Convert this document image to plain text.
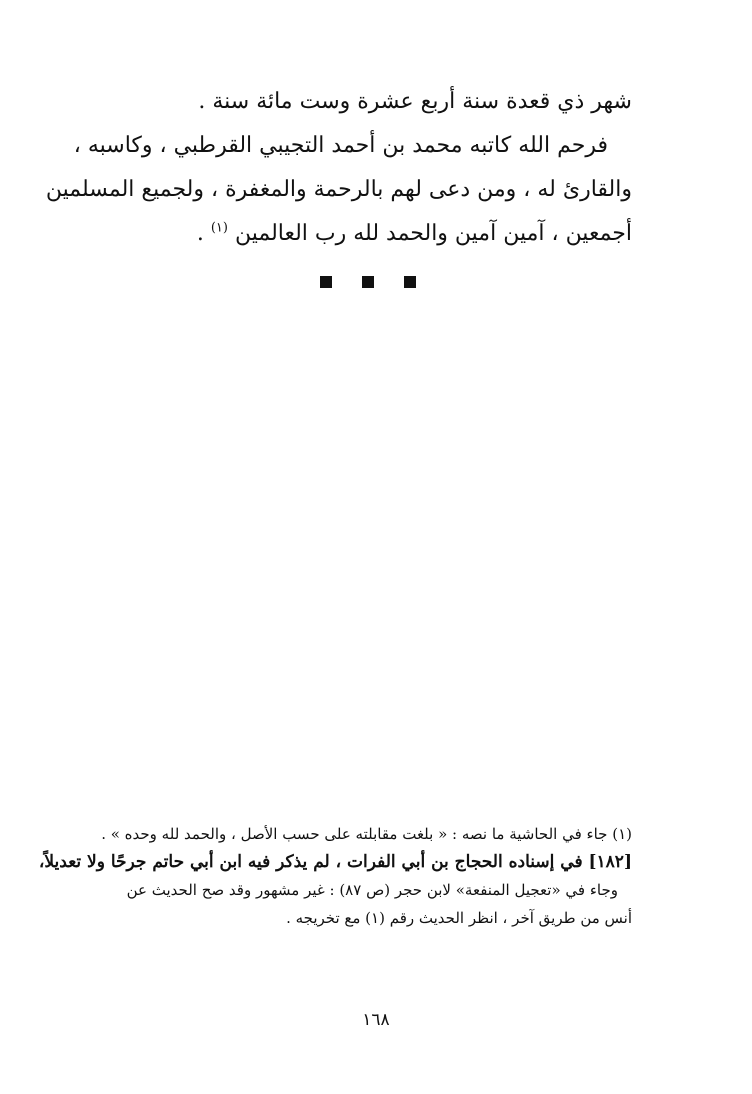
شهر ذي قعدة سنة أربع عشرة وست مائة سنة .
فرحم الله كاتبه محمد بن أحمد التجيبي القرطبي ، وكاسبه ،
والقارئ له ، ومن دعى لهم بالرحمة والمغفرة ، ولجميع المسلمين
أجمعين ، آمين آمين والحمد لله رب العالمين $^{(١)}$ .
(١) جاء في الحاشية ما نصه : « بلغت مقابلته على حسب الأصل ، والحمد لله وحده » .
[١٨٢] في إسناده الحجاج بن أبي الفرات ، لم يذكر فيه ابن أبي حاتم جرحًا ولا تعديلاً،
وجاء في «تعجيل المنفعة» لابن حجر (ص ٨٧) : غير مشهور وقد صح الحديث عن
أنس من طريق آخر ، انظر الحديث رقم (١) مع تخريجه .
١٦٨
